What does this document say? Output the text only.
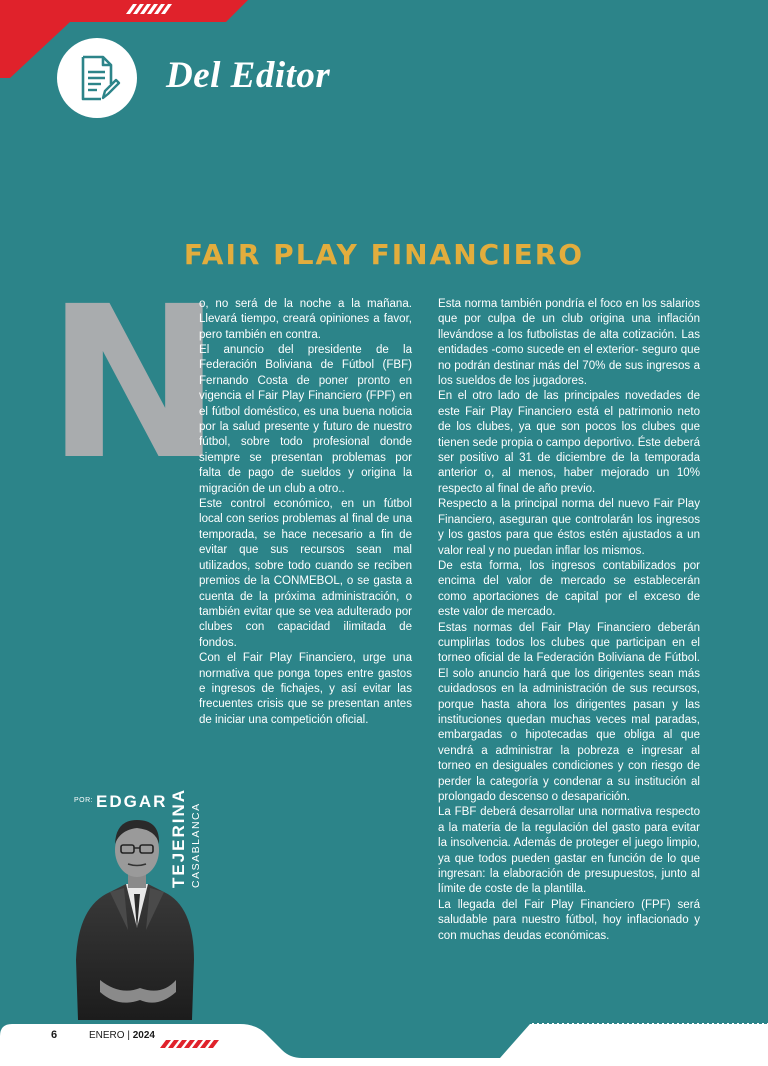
Del Editor
FAIR PLAY FINANCIERO
N

o, no será de la noche a la mañana. Llevará tiempo, creará opiniones a favor, pero también en contra.

El anuncio del presidente de la Federación Boliviana de Fútbol (FBF) Fernando Costa de poner pronto en vigencia el Fair Play Financiero (FPF) en el fútbol doméstico, es una buena noticia por la salud presente y futuro de nuestro fútbol, sobre todo profesional donde siempre se presentan problemas por falta de pago de sueldos y origina la migración de un club a otro..

Este control económico, en un fútbol local con serios problemas al final de una temporada, se hace necesario a fin de evitar que sus recursos sean mal utilizados, sobre todo cuando se reciben premios de la CONMEBOL, o se gasta a cuenta de la próxima administración, o también evitar que se vea adulterado por clubes con capacidad ilimitada de fondos.

Con el Fair Play Financiero, urge una normativa que ponga topes entre gastos e ingresos de fichajes, y así evitar las frecuentes crisis que se presentan antes de iniciar una competición oficial.

Esta norma también pondría el foco en los salarios que por culpa de un club origina una inflación llevándose a los futbolistas de alta cotización. Las entidades -como sucede en el exterior- seguro que no podrán destinar más del 70% de sus ingresos a los sueldos de los jugadores.

En el otro lado de las principales novedades de este Fair Play Financiero está el patrimonio neto de los clubes, ya que son pocos los clubes que tienen sede propia o campo deportivo. Éste deberá ser positivo al 31 de diciembre de la temporada anterior o, al menos, haber mejorado un 10% respecto al final de año previo.

Respecto a la principal norma del nuevo Fair Play Financiero, aseguran que controlarán los ingresos y los gastos para que éstos estén ajustados a un valor real y no puedan inflar los mismos.

De esta forma, los ingresos contabilizados por encima del valor de mercado se establecerán como aportaciones de capital por el exceso de este valor de mercado.

Estas normas del Fair Play Financiero deberán cumplirlas todos los clubes que participan en el torneo oficial de la Federación Boliviana de Fútbol. El solo anuncio hará que los dirigentes sean más cuidadosos en la administración de sus recursos, porque hasta ahora los dirigentes pasan y las instituciones quedan muchas veces mal paradas, embargadas o hipotecadas que obliga al que vendrá a administrar la pobreza e ingresar al torneo en desiguales condiciones y con riesgo de perder la categoría y condenar a su institución al prolongado descenso o desaparición.

La FBF deberá desarrollar una normativa respecto a la materia de la regulación del gasto para evitar la insolvencia. Además de proteger el juego limpio, ya que todos pueden gastar en función de lo que ingresan: la elaboración de presupuestos, junto al límite de coste de la plantilla.

La llegada del Fair Play Financiero (FPF) será saludable para nuestro fútbol, hoy inflacionado y con muchas deudas económicas.

POR: EDGAR TEJERINA CASABLANCA
6	ENERO | 2024
